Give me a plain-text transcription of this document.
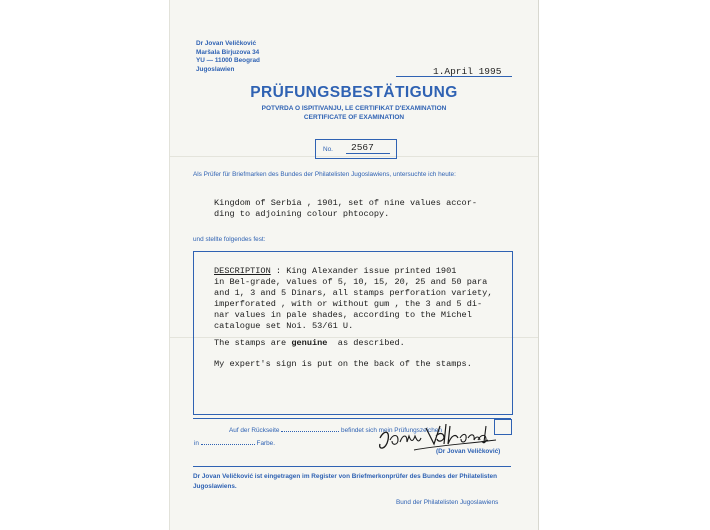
Dr Jovan Veličković
Maršala Birjuzova 34
YU — 11000 Beograd
Jugoslawien	1.April 1995
PRÜFUNGSBESTÄTIGUNG
POTVRDA O ISPITIVANJU, LE CERTIFIKAT D'EXAMINATION
CERTIFICATE OF EXAMINATION
No. 2567
Als Prüfer für Briefmarken des Bundes der Philatelisten Jugoslawiens, untersuchte ich heute:
Kingdom of Serbia , 1901, set of nine values accor-
ding to adjoining colour phtocopy.
und stellte folgendes fest:
DESCRIPTION : King Alexander issue printed 1901
in Bel-grade, values of 5, 10, 15, 20, 25 and 50 para
and 1, 3 and 5 Dinars, all stamps perforation variety,
imperforated , with or without gum , the 3 and 5 di-
nar values in pale shades, according to the Michel
catalogue set Noi. 53/61 U.
The stamps are genuine  as described.
My expert's sign is put on the back of the stamps.
Auf der Rückseite	befindet sich mein Prüfungszeichen
in	Farbe.
(Dr Jovan Veličković)
Dr Jovan Veličković ist eingetragen im Register von Briefmerkonprüfer des Bundes der Philatelisten Jugoslawiens.
Bund der Philatelisten Jugoslawiens
